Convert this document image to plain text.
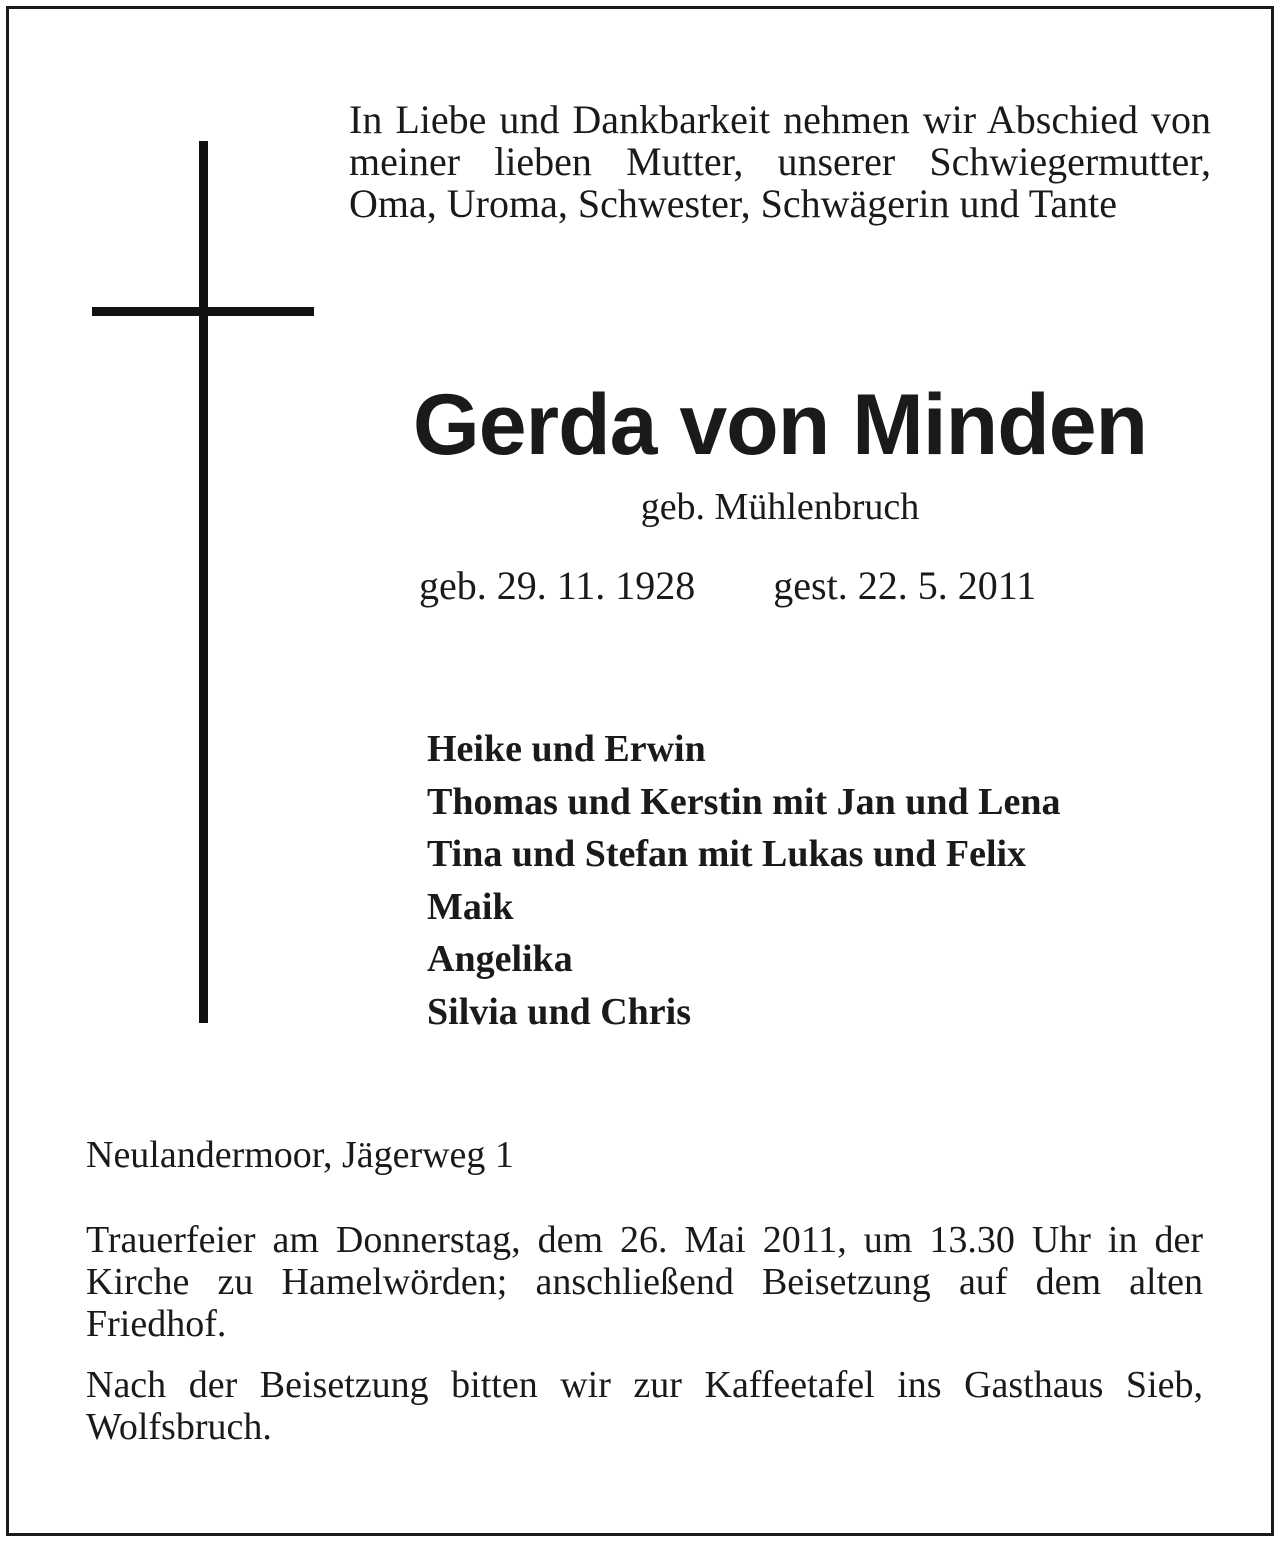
In Liebe und Dankbarkeit nehmen wir Abschied von meiner lieben Mutter, unserer Schwiegermutter, Oma, Uroma, Schwester, Schwägerin und Tante

Gerda von Minden
geb. Mühlenbruch
geb. 29. 11. 1928 gest. 22. 5. 2011
Heike und Erwin
Thomas und Kerstin mit Jan und Lena
Tina und Stefan mit Lukas und Felix
Maik
Angelika
Silvia und Chris
Neulandermoor, Jägerweg 1

Trauerfeier am Donnerstag, dem 26. Mai 2011, um 13.30 Uhr in der Kirche zu Hamelwörden; anschließend Beisetzung auf dem alten Friedhof.

Nach der Beisetzung bitten wir zur Kaffeetafel ins Gasthaus Sieb, Wolfsbruch.
